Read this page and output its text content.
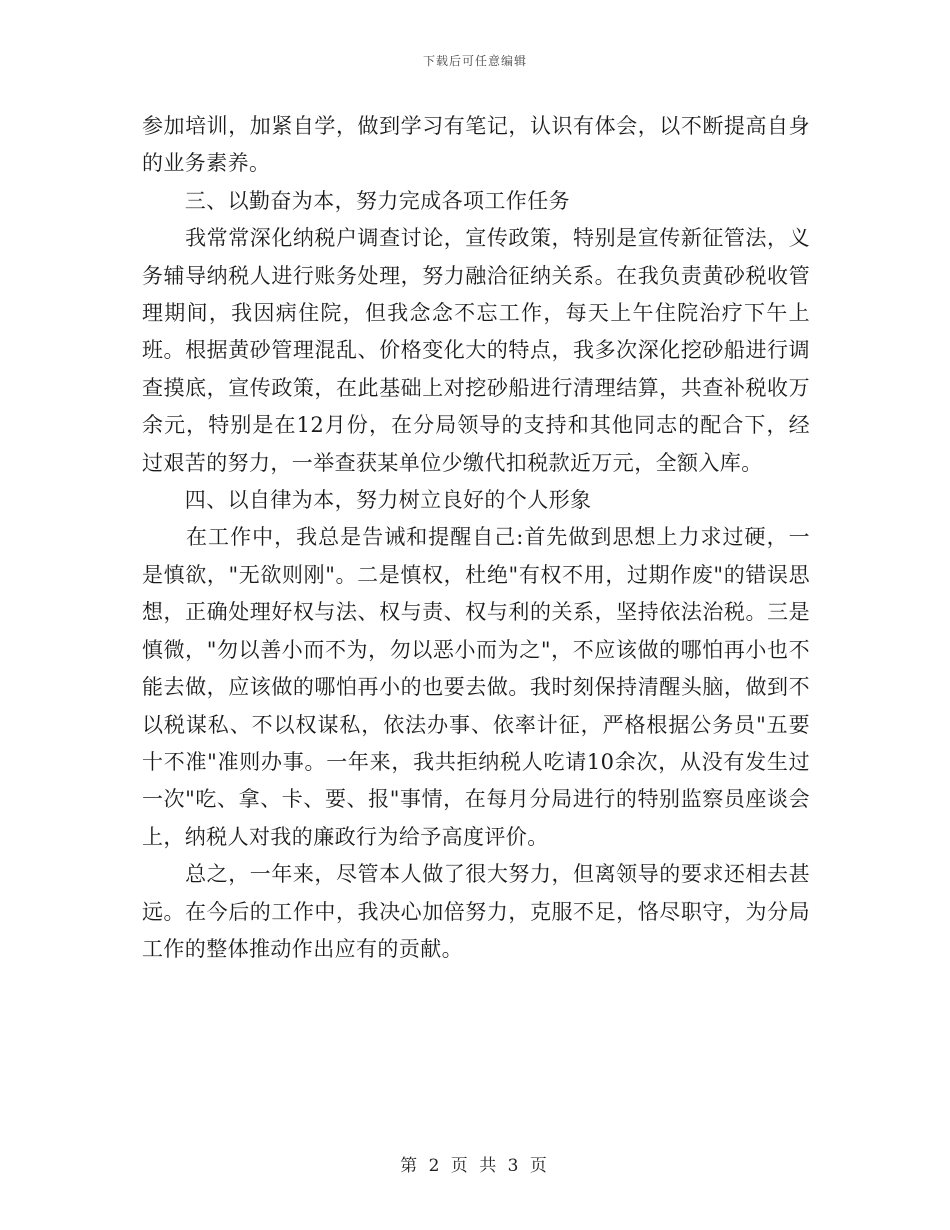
下载后可任意编辑

参加培训，加紧自学，做到学习有笔记，认识有体会，以不断提高自身的业务素养。

　　三、以勤奋为本，努力完成各项工作任务

　　我常常深化纳税户调查讨论，宣传政策，特别是宣传新征管法，义务辅导纳税人进行账务处理，努力融洽征纳关系。在我负责黄砂税收管理期间，我因病住院，但我念念不忘工作，每天上午住院治疗下午上班。根据黄砂管理混乱、价格变化大的特点，我多次深化挖砂船进行调查摸底，宣传政策，在此基础上对挖砂船进行清理结算，共查补税收万余元，特别是在12月份，在分局领导的支持和其他同志的配合下，经过艰苦的努力，一举查获某单位少缴代扣税款近万元，全额入库。

　　四、以自律为本，努力树立良好的个人形象

　　在工作中，我总是告诫和提醒自己:首先做到思想上力求过硬，一是慎欲，"无欲则刚"。二是慎权，杜绝"有权不用，过期作废"的错误思想，正确处理好权与法、权与责、权与利的关系，坚持依法治税。三是慎微，"勿以善小而不为，勿以恶小而为之"，不应该做的哪怕再小也不能去做，应该做的哪怕再小的也要去做。我时刻保持清醒头脑，做到不以税谋私、不以权谋私，依法办事、依率计征，严格根据公务员"五要十不准"准则办事。一年来，我共拒纳税人吃请10余次，从没有发生过一次"吃、拿、卡、要、报"事情，在每月分局进行的特别监察员座谈会上，纳税人对我的廉政行为给予高度评价。

　　总之，一年来，尽管本人做了很大努力，但离领导的要求还相去甚远。在今后的工作中，我决心加倍努力，克服不足，恪尽职守，为分局工作的整体推动作出应有的贡献。

第 2 页 共 3 页
